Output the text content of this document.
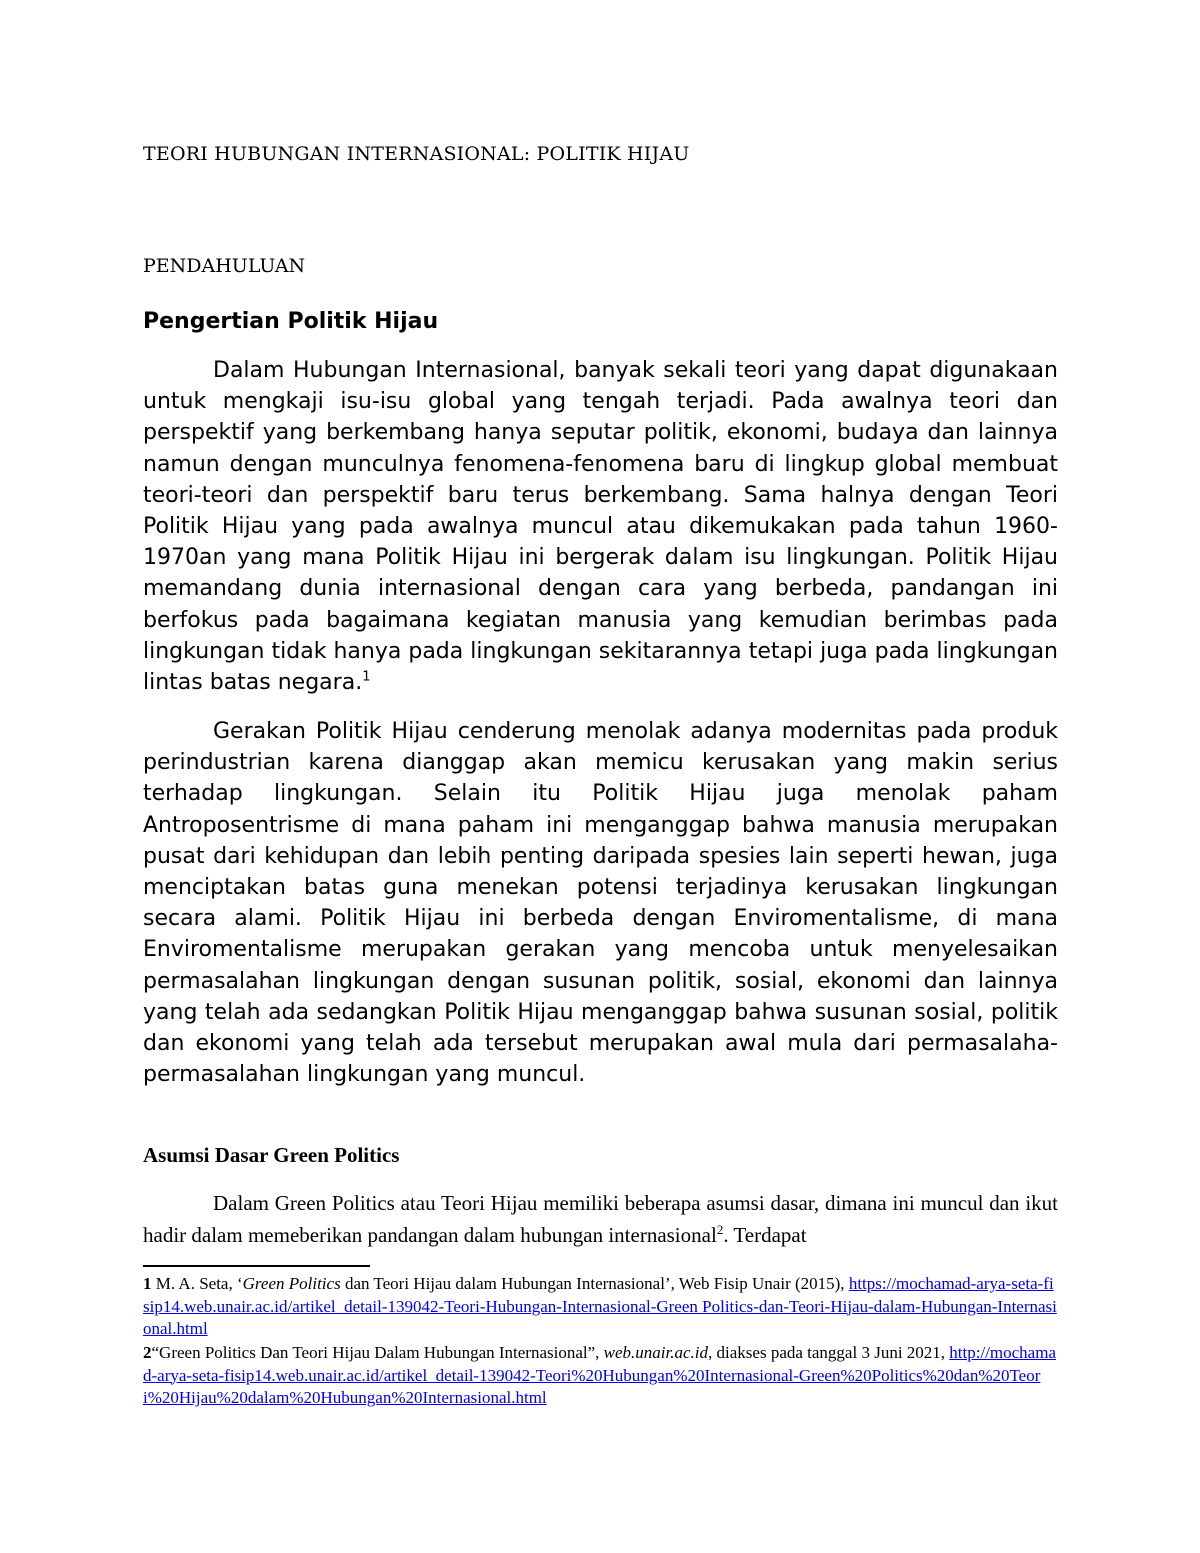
TEORI HUBUNGAN INTERNASIONAL: POLITIK HIJAU
PENDAHULUAN
Pengertian Politik Hijau

Dalam Hubungan Internasional, banyak sekali teori yang dapat digunakaan untuk mengkaji isu-isu global yang tengah terjadi. Pada awalnya teori dan perspektif yang berkembang hanya seputar politik, ekonomi, budaya dan lainnya namun dengan munculnya fenomena-fenomena baru di lingkup global membuat teori-teori dan perspektif baru terus berkembang. Sama halnya dengan Teori Politik Hijau yang pada awalnya muncul atau dikemukakan pada tahun 1960-1970an yang mana Politik Hijau ini bergerak dalam isu lingkungan. Politik Hijau memandang dunia internasional dengan cara yang berbeda, pandangan ini berfokus pada bagaimana kegiatan manusia yang kemudian berimbas pada lingkungan tidak hanya pada lingkungan sekitarannya tetapi juga pada lingkungan lintas batas negara.$^1$

Gerakan Politik Hijau cenderung menolak adanya modernitas pada produk perindustrian karena dianggap akan memicu kerusakan yang makin serius terhadap lingkungan. Selain itu Politik Hijau juga menolak paham Antroposentrisme di mana paham ini menganggap bahwa manusia merupakan pusat dari kehidupan dan lebih penting daripada spesies lain seperti hewan, juga menciptakan batas guna menekan potensi terjadinya kerusakan lingkungan secara alami. Politik Hijau ini berbeda dengan Enviromentalisme, di mana Enviromentalisme merupakan gerakan yang mencoba untuk menyelesaikan permasalahan lingkungan dengan susunan politik, sosial, ekonomi dan lainnya yang telah ada sedangkan Politik Hijau menganggap bahwa susunan sosial, politik dan ekonomi yang telah ada tersebut merupakan awal mula dari permasalaha-permasalahan lingkungan yang muncul.

Asumsi Dasar Green Politics

Dalam Green Politics atau Teori Hijau memiliki beberapa asumsi dasar, dimana ini muncul dan ikut hadir dalam memeberikan pandangan dalam hubungan internasional$^2$. Terdapat

1 M. A. Seta, ‘Green Politics dan Teori Hijau dalam Hubungan Internasional’, Web Fisip Unair (2015), https://mochamad-arya-seta-fisip14.web.unair.ac.id/artikel_detail-139042-Teori-Hubungan-Internasional-Green Politics-dan-Teori-Hijau-dalam-Hubungan-Internasional.html

2“Green Politics Dan Teori Hijau Dalam Hubungan Internasional”, web.unair.ac.id, diakses pada tanggal 3 Juni 2021, http://mochamad-arya-seta-fisip14.web.unair.ac.id/artikel_detail-139042-Teori%20Hubungan%20Internasional-Green%20Politics%20dan%20Teori%20Hijau%20dalam%20Hubungan%20Internasional.html
